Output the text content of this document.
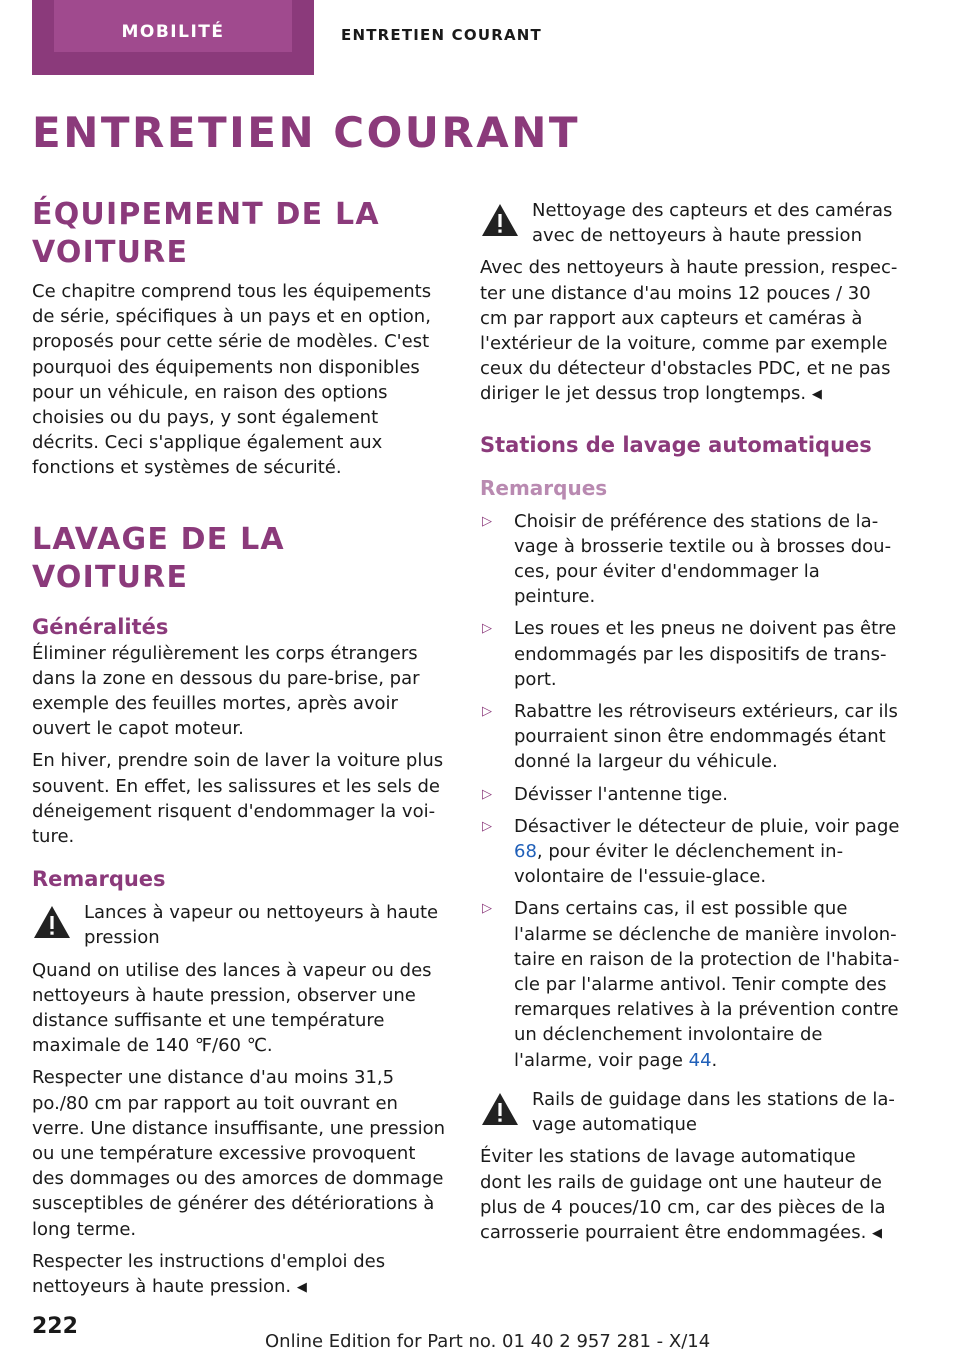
MOBILITÉ	ENTRETIEN COURANT
ENTRETIEN COURANT
ÉQUIPEMENT DE LA VOITURE

Ce chapitre comprend tous les équipements de série, spécifiques à un pays et en option, proposés pour cette série de modèles. C'est pourquoi des équipements non disponibles pour un véhicule, en raison des options choisies ou du pays, y sont également décrits. Ceci s'applique également aux fonctions et systèmes de sécurité.

LAVAGE DE LA VOITURE
Généralités

Éliminer régulièrement les corps étrangers dans la zone en dessous du pare-brise, par exemple des feuilles mortes, après avoir ouvert le capot moteur.

En hiver, prendre soin de laver la voiture plus souvent. En effet, les salissures et les sels de déneigement risquent d'endommager la voiture.

Remarques
Lances à vapeur ou nettoyeurs à haute pression

Quand on utilise des lances à vapeur ou des nettoyeurs à haute pression, observer une distance suffisante et une température maximale de 140 ℉/60 ℃.

Respecter une distance d'au moins 31,5 po./80 cm par rapport au toit ouvrant en verre. Une distance insuffisante, une pression ou une température excessive provoquent des dommages ou des amorces de dommage susceptibles de générer des détériorations à long terme.

Respecter les instructions d'emploi des nettoyeurs à haute pression. ◀

Nettoyage des capteurs et des caméras avec de nettoyeurs à haute pression

Avec des nettoyeurs à haute pression, respecter une distance d'au moins 12 pouces / 30 cm par rapport aux capteurs et caméras à l'extérieur de la voiture, comme par exemple ceux du détecteur d'obstacles PDC, et ne pas diriger le jet dessus trop longtemps. ◀

Stations de lavage automatiques
Remarques
▷ Choisir de préférence des stations de lavage à brosserie textile ou à brosses douces, pour éviter d'endommager la peinture.
▷ Les roues et les pneus ne doivent pas être endommagés par les dispositifs de transport.
▷ Rabattre les rétroviseurs extérieurs, car ils pourraient sinon être endommagés étant donné la largeur du véhicule.
▷ Dévisser l'antenne tige.
▷ Désactiver le détecteur de pluie, voir page 68, pour éviter le déclenchement involontaire de l'essuie-glace.
▷ Dans certains cas, il est possible que l'alarme se déclenche de manière involontaire en raison de la protection de l'habitacle par l'alarme antivol. Tenir compte des remarques relatives à la prévention contre un déclenchement involontaire de l'alarme, voir page 44.
Rails de guidage dans les stations de lavage automatique

Éviter les stations de lavage automatique dont les rails de guidage ont une hauteur de plus de 4 pouces/10 cm, car des pièces de la carrosserie pourraient être endommagées. ◀

222
Online Edition for Part no. 01 40 2 957 281 - X/14
